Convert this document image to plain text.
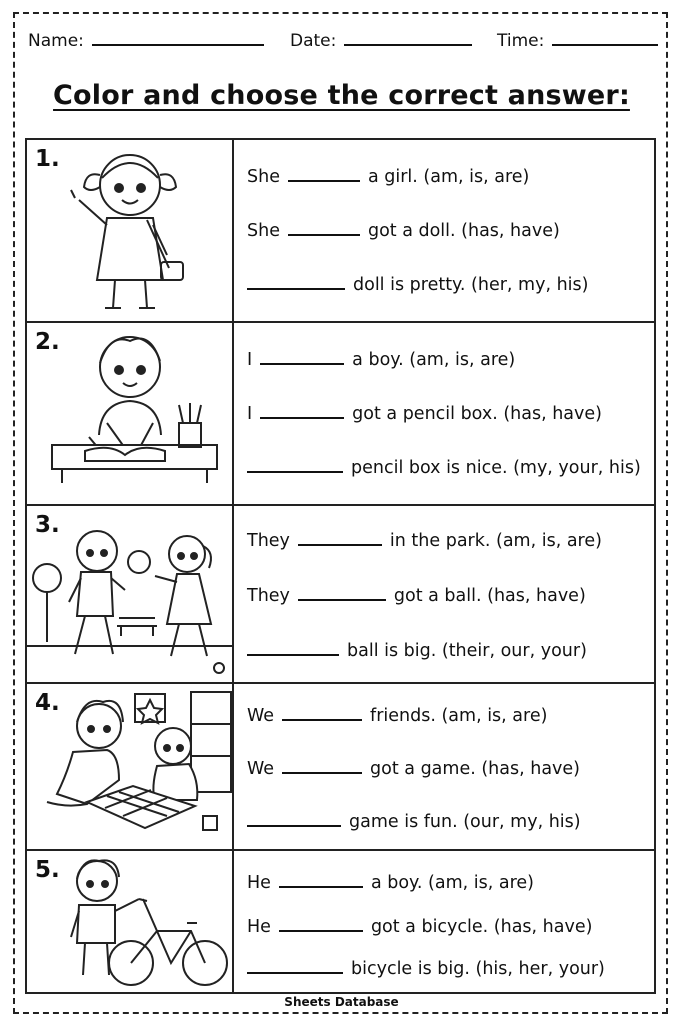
Name:	Date:	Time:
Color and choose the correct answer:
1.
She	a girl. (am, is, are)
She	got a doll. (has, have)
doll is pretty. (her, my, his)
2.
I	a boy. (am, is, are)
I	got a pencil box. (has, have)
pencil box is nice. (my, your, his)
3.
They	in the park. (am, is, are)
They	got a ball. (has, have)
ball is big. (their, our, your)
4.	We	friends. (am, is, are)
We	got a game. (has, have)
game is fun. (our, my, his)
5.	He	a boy. (am, is, are)
He	got a bicycle. (has, have)
bicycle is big. (his, her, your)
Sheets Database
